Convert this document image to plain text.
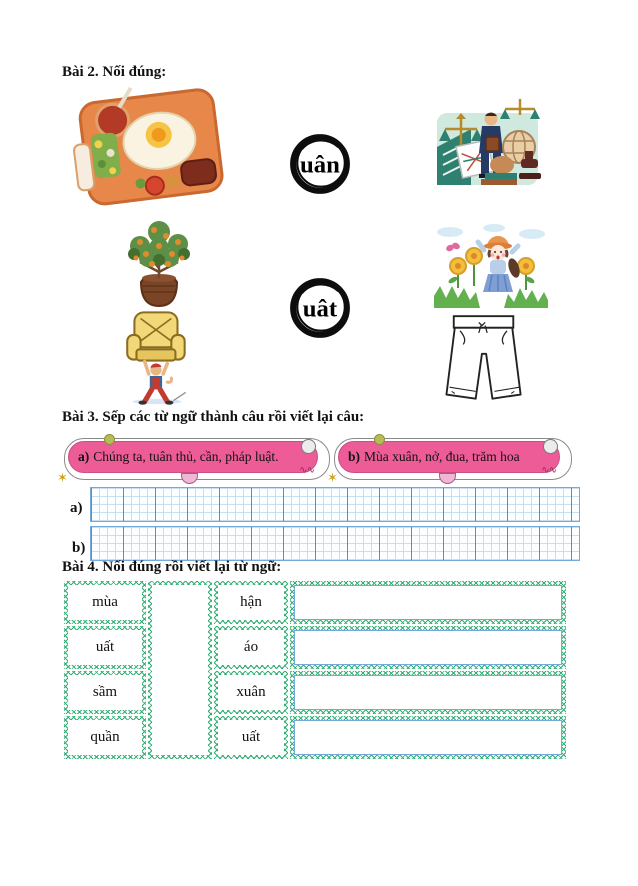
Bài 2. Nối đúng:
uân
uât
Bài 3. Sếp các từ ngữ thành câu rồi viết lại câu:
a) Chúng ta, tuân thủ, cần, pháp luật.
✶	∿∿
b) Mùa xuân, nở, đua, trăm hoa
✶	∿∿
a)
b)
Bài 4. Nối đúng rồi viết lại từ ngữ:
mùa	hận
uất	áo
sầm	xuân
quần	uất
